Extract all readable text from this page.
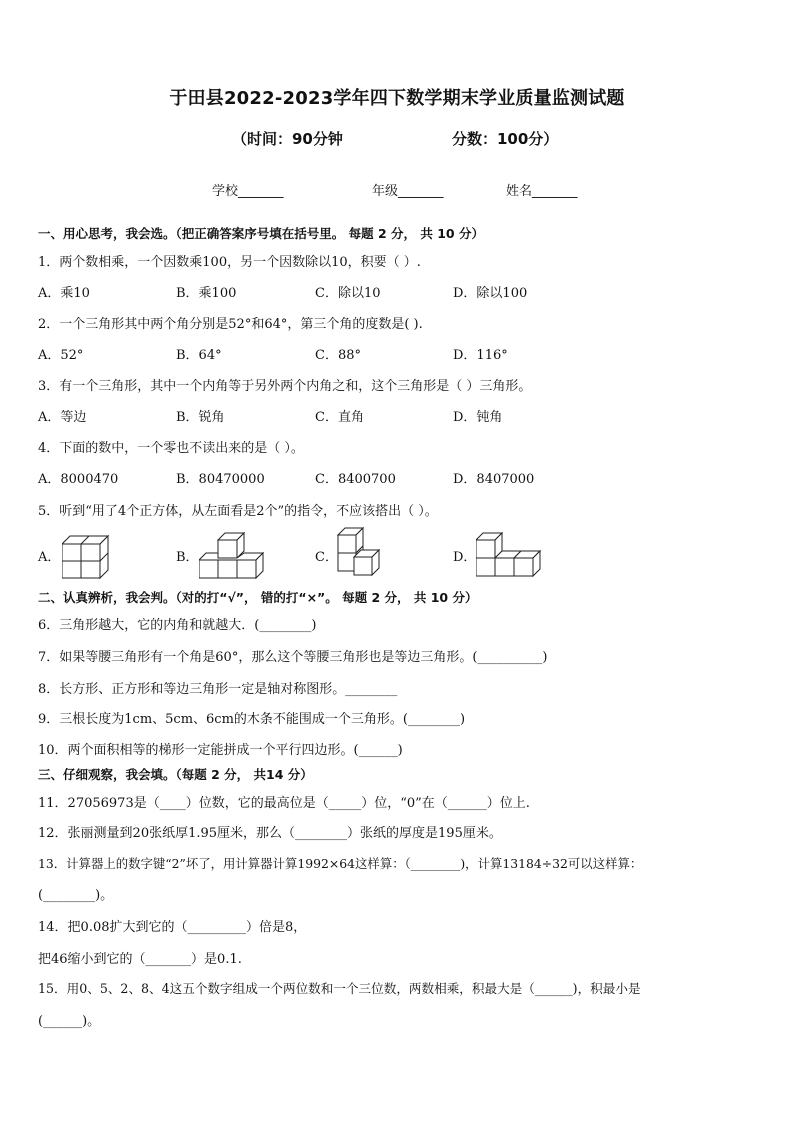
于田县2022-2023学年四下数学期末学业质量监测试题
（时间：90分钟	分数：100分）
学校_______	年级_______	姓名_______
一、用心思考，我会选。（把正确答案序号填在括号里。 每题 2 分， 共 10 分）
1．两个数相乘，一个因数乘100，另一个因数除以10，积要（ ）.
A．乘10	B．乘100	C．除以10	D．除以100
2．一个三角形其中两个角分别是52°和64°，第三个角的度数是( ).
A．52°	B．64°	C．88°	D．116°
3．有一个三角形，其中一个内角等于另外两个内角之和，这个三角形是（ ）三角形。
A．等边	B．锐角	C．直角	D．钝角
4．下面的数中，一个零也不读出来的是（ ）。
A．8000470	B．80470000	C．8400700	D．8407000
5．听到“用了4个正方体，从左面看是2个”的指令，不应该搭出（ ）。
A．	B．	C．	D．
二、认真辨析，我会判。（对的打“√”， 错的打“×”。 每题 2 分， 共 10 分）
6．三角形越大，它的内角和就越大．(________)
7．如果等腰三角形有一个角是60°，那么这个等腰三角形也是等边三角形。(__________)
8．长方形、正方形和等边三角形一定是轴对称图形。________
9．三根长度为1cm、5cm、6cm的木条不能围成一个三角形。(________)
10．两个面积相等的梯形一定能拼成一个平行四边形。(______)
三、仔细观察，我会填。（每题 2 分， 共14 分）
11．27056973是（____）位数，它的最高位是（_____）位，“0”在（______）位上.
12．张丽测量到20张纸厚1.95厘米，那么（________）张纸的厚度是195厘米。
13．计算器上的数字键“2”坏了，用计算器计算1992×64这样算：（________)，计算13184÷32可以这样算：
(________)。
14．把0.08扩大到它的（_________）倍是8，
把46缩小到它的（_______）是0.1.
15．用0、5、2、8、4这五个数字组成一个两位数和一个三位数，两数相乘，积最大是（______)，积最小是
(______)。
